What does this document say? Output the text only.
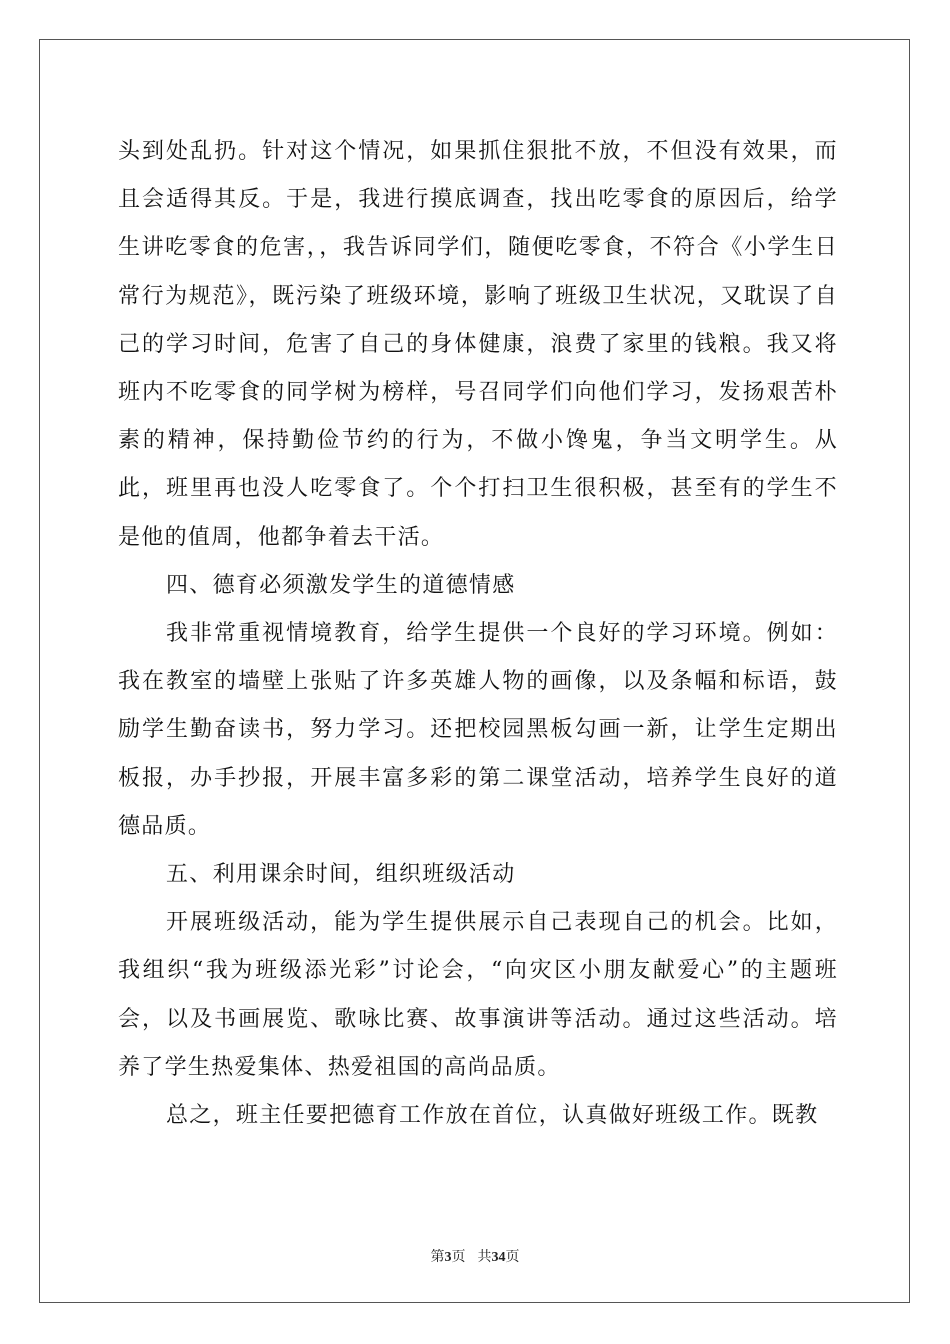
头到处乱扔。针对这个情况，如果抓住狠批不放，不但没有效果，而且会适得其反。于是，我进行摸底调查，找出吃零食的原因后，给学生讲吃零食的危害，，我告诉同学们，随便吃零食，不符合《小学生日常行为规范》，既污染了班级环境，影响了班级卫生状况，又耽误了自己的学习时间，危害了自己的身体健康，浪费了家里的钱粮。我又将班内不吃零食的同学树为榜样，号召同学们向他们学习，发扬艰苦朴素的精神，保持勤俭节约的行为，不做小馋鬼，争当文明学生。从此，班里再也没人吃零食了。个个打扫卫生很积极，甚至有的学生不是他的值周，他都争着去干活。

四、德育必须激发学生的道德情感

我非常重视情境教育，给学生提供一个良好的学习环境。例如：我在教室的墙壁上张贴了许多英雄人物的画像，以及条幅和标语，鼓励学生勤奋读书，努力学习。还把校园黑板勾画一新，让学生定期出板报，办手抄报，开展丰富多彩的第二课堂活动，培养学生良好的道德品质。

五、利用课余时间，组织班级活动

开展班级活动，能为学生提供展示自己表现自己的机会。比如，我组织“我为班级添光彩”讨论会，“向灾区小朋友献爱心”的主题班会，以及书画展览、歌咏比赛、故事演讲等活动。通过这些活动。培养了学生热爱集体、热爱祖国的高尚品质。

总之，班主任要把德育工作放在首位，认真做好班级工作。既教

第3页 共34页
